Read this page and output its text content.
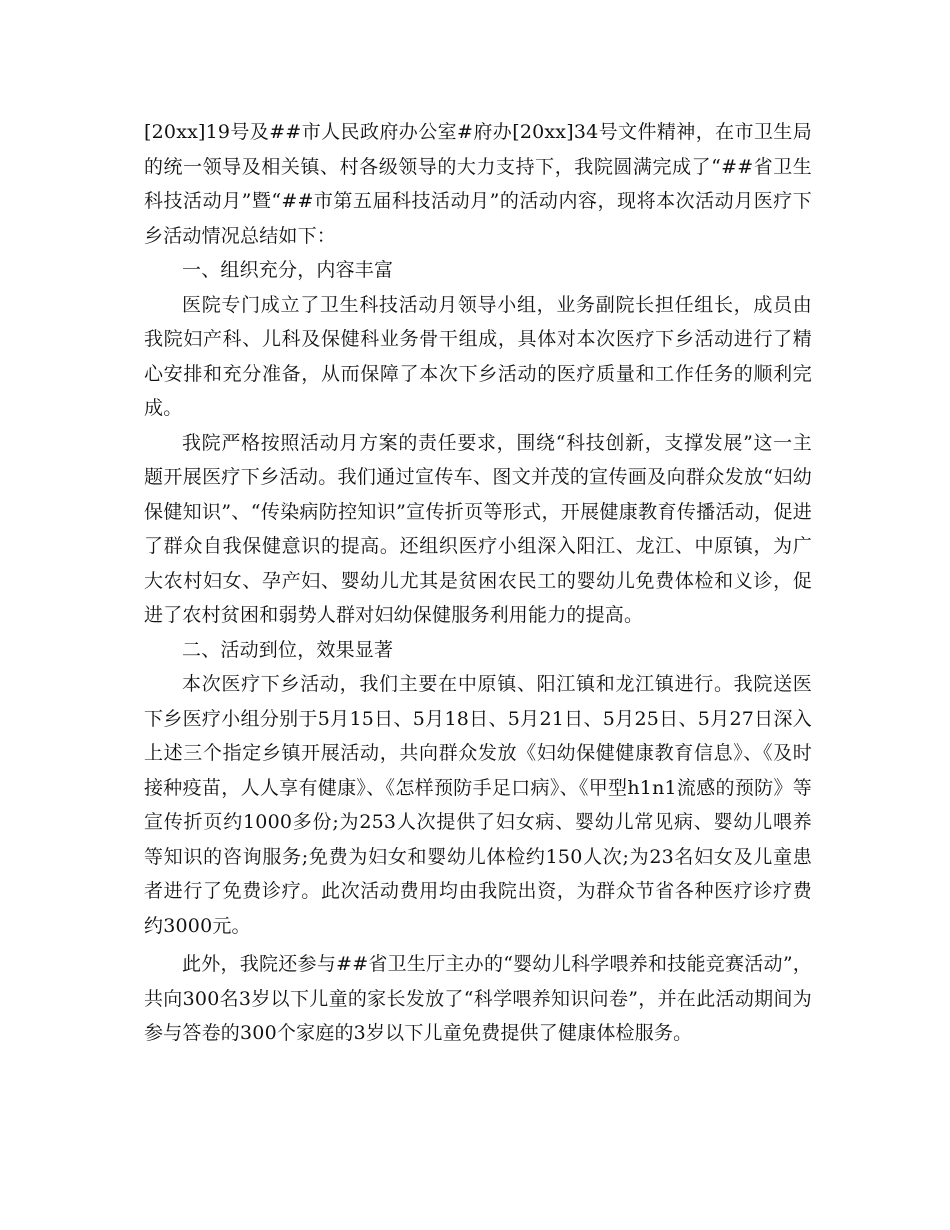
[20xx]19号及##市人民政府办公室#府办[20xx]34号文件精神，在市卫生局的统一领导及相关镇、村各级领导的大力支持下，我院圆满完成了“##省卫生科技活动月”暨“##市第五届科技活动月”的活动内容，现将本次活动月医疗下乡活动情况总结如下：

一、组织充分，内容丰富

医院专门成立了卫生科技活动月领导小组，业务副院长担任组长，成员由我院妇产科、儿科及保健科业务骨干组成，具体对本次医疗下乡活动进行了精心安排和充分准备，从而保障了本次下乡活动的医疗质量和工作任务的顺利完成。

我院严格按照活动月方案的责任要求，围绕“科技创新，支撑发展”这一主题开展医疗下乡活动。我们通过宣传车、图文并茂的宣传画及向群众发放“妇幼保健知识”、“传染病防控知识”宣传折页等形式，开展健康教育传播活动，促进了群众自我保健意识的提高。还组织医疗小组深入阳江、龙江、中原镇，为广大农村妇女、孕产妇、婴幼儿尤其是贫困农民工的婴幼儿免费体检和义诊，促进了农村贫困和弱势人群对妇幼保健服务利用能力的提高。

二、活动到位，效果显著

本次医疗下乡活动，我们主要在中原镇、阳江镇和龙江镇进行。我院送医下乡医疗小组分别于5月15日、5月18日、5月21日、5月25日、5月27日深入上述三个指定乡镇开展活动，共向群众发放《妇幼保健健康教育信息》、《及时接种疫苗，人人享有健康》、《怎样预防手足口病》、《甲型h1n1流感的预防》等宣传折页约1000多份;为253人次提供了妇女病、婴幼儿常见病、婴幼儿喂养等知识的咨询服务;免费为妇女和婴幼儿体检约150人次;为23名妇女及儿童患者进行了免费诊疗。此次活动费用均由我院出资，为群众节省各种医疗诊疗费约3000元。

此外，我院还参与##省卫生厅主办的“婴幼儿科学喂养和技能竞赛活动”，共向300名3岁以下儿童的家长发放了“科学喂养知识问卷”，并在此活动期间为参与答卷的300个家庭的3岁以下儿童免费提供了健康体检服务。
